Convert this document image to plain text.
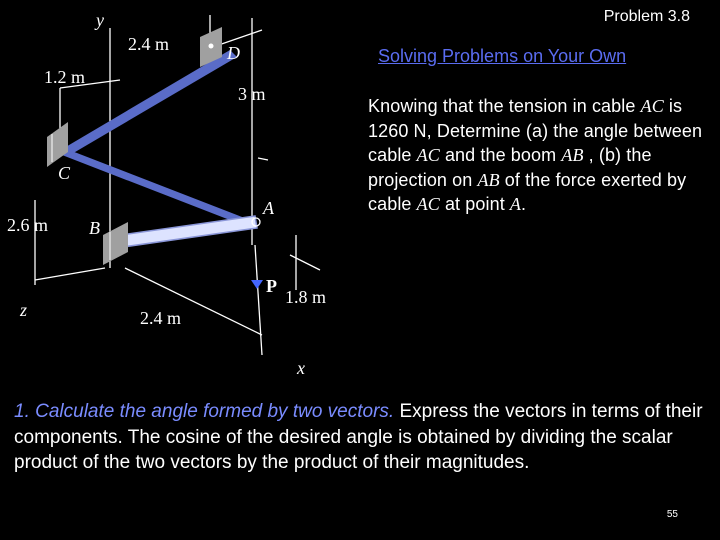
Problem 3.8
Solving Problems on Your Own
y
z
x
C
B
A
D
P
2.4 m
1.2 m
3 m
2.6 m
2.4 m
1.8 m
Knowing that the tension in cable AC is 1260 N, Determine (a) the angle between cable AC and the boom AB , (b) the projection on AB of the force exerted by cable AC at point A.
1. Calculate the angle formed by two vectors. Express the vectors in terms of their components. The cosine of the desired angle is obtained by dividing the scalar product of the two vectors by the product of their magnitudes.
55
